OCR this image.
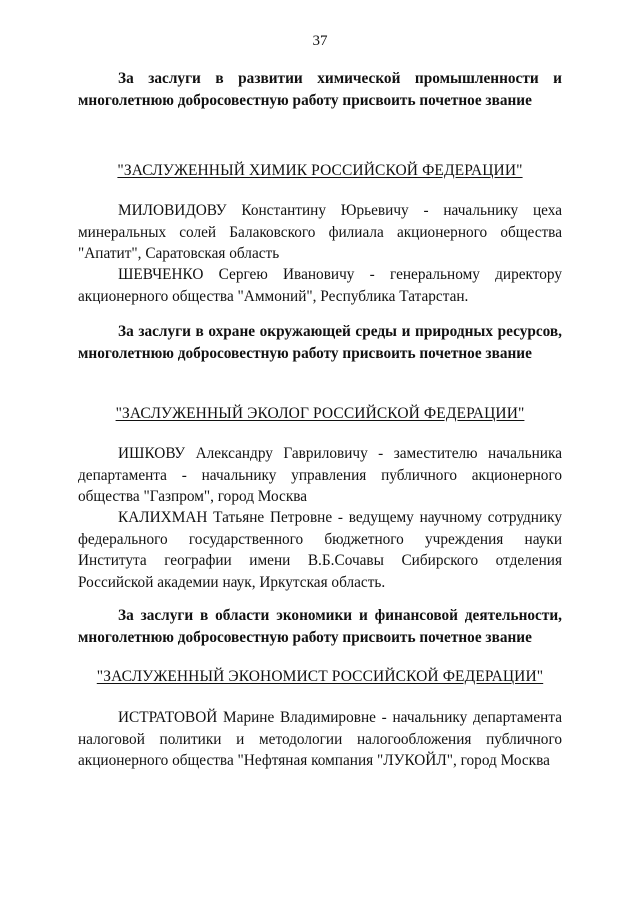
37
За заслуги в развитии химической промышленности и многолетнюю добросовестную работу присвоить почетное звание
"ЗАСЛУЖЕННЫЙ ХИМИК РОССИЙСКОЙ ФЕДЕРАЦИИ"
МИЛОВИДОВУ Константину Юрьевичу - начальнику цеха минеральных солей Балаковского филиала акционерного общества "Апатит", Саратовская область
ШЕВЧЕНКО Сергею Ивановичу - генеральному директору акционерного общества "Аммоний", Республика Татарстан.
За заслуги в охране окружающей среды и природных ресурсов, многолетнюю добросовестную работу присвоить почетное звание
"ЗАСЛУЖЕННЫЙ ЭКОЛОГ РОССИЙСКОЙ ФЕДЕРАЦИИ"
ИШКОВУ Александру Гавриловичу - заместителю начальника департамента - начальнику управления публичного акционерного общества "Газпром", город Москва
КАЛИХМАН Татьяне Петровне - ведущему научному сотруднику федерального государственного бюджетного учреждения науки Института географии имени В.Б.Сочавы Сибирского отделения Российской академии наук, Иркутская область.
За заслуги в области экономики и финансовой деятельности, многолетнюю добросовестную работу присвоить почетное звание
"ЗАСЛУЖЕННЫЙ ЭКОНОМИСТ РОССИЙСКОЙ ФЕДЕРАЦИИ"
ИСТРАТОВОЙ Марине Владимировне - начальнику департамента налоговой политики и методологии налогообложения публичного акционерного общества "Нефтяная компания "ЛУКОЙЛ", город Москва
